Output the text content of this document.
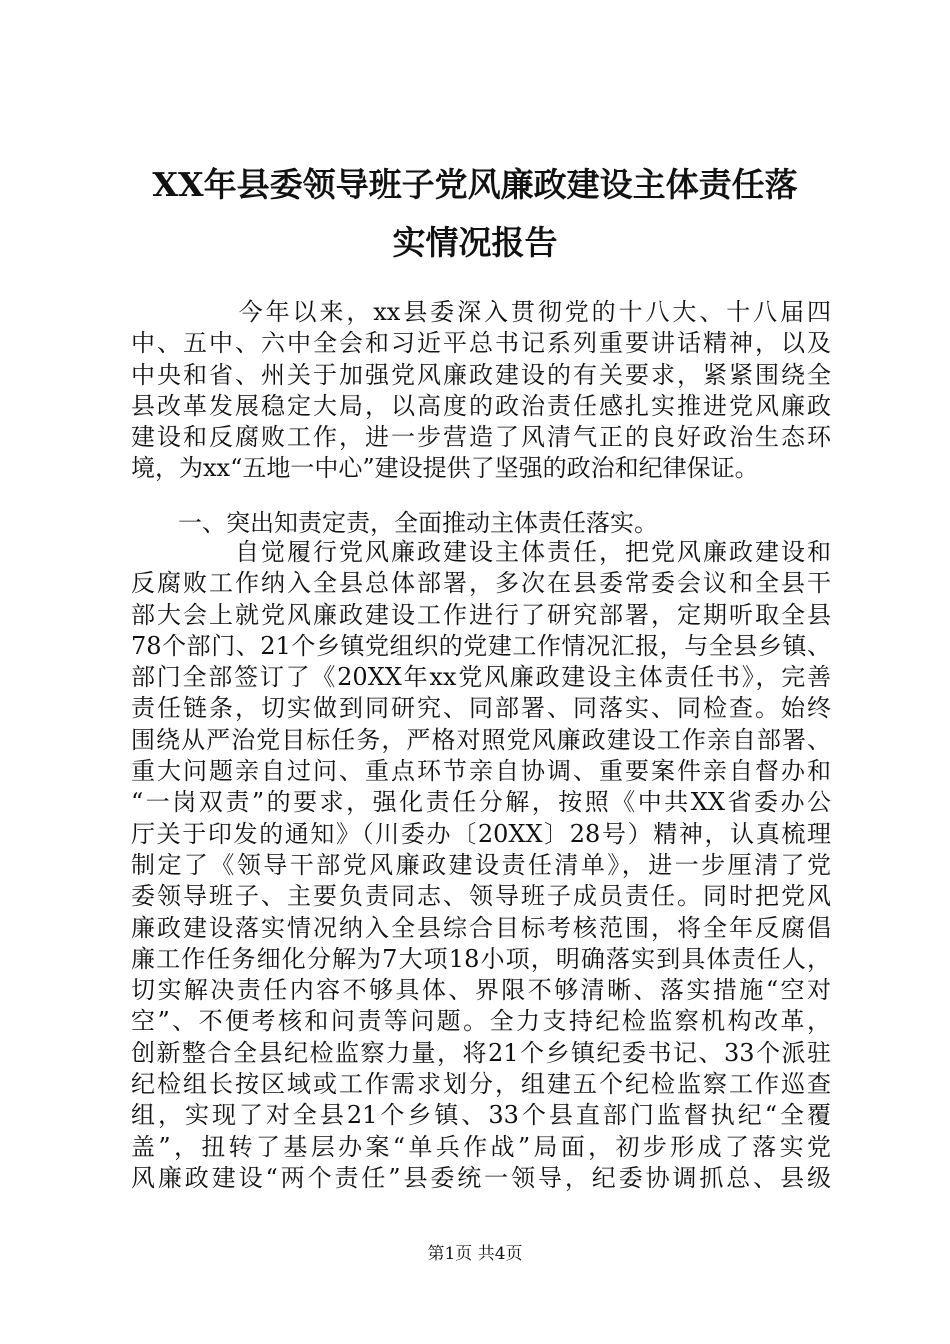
XX年县委领导班子党风廉政建设主体责任落
实情况报告
　　　　今年以来，xx县委深入贯彻党的十八大、十八届四
中、五中、六中全会和习近平总书记系列重要讲话精神，以及
中央和省、州关于加强党风廉政建设的有关要求，紧紧围绕全
县改革发展稳定大局，以高度的政治责任感扎实推进党风廉政
建设和反腐败工作，进一步营造了风清气正的良好政治生态环
境，为xx“五地一中心”建设提供了坚强的政治和纪律保证。
一、突出知责定责，全面推动主体责任落实。
　　　　自觉履行党风廉政建设主体责任，把党风廉政建设和
反腐败工作纳入全县总体部署，多次在县委常委会议和全县干
部大会上就党风廉政建设工作进行了研究部署，定期听取全县
78个部门、21个乡镇党组织的党建工作情况汇报，与全县乡镇、
部门全部签订了《20XX年xx党风廉政建设主体责任书》，完善
责任链条，切实做到同研究、同部署、同落实、同检查。始终
围绕从严治党目标任务，严格对照党风廉政建设工作亲自部署、
重大问题亲自过问、重点环节亲自协调、重要案件亲自督办和
“一岗双责”的要求，强化责任分解，按照《中共XX省委办公
厅关于印发的通知》（川委办〔20XX〕28号）精神，认真梳理
制定了《领导干部党风廉政建设责任清单》，进一步厘清了党
委领导班子、主要负责同志、领导班子成员责任。同时把党风
廉政建设落实情况纳入全县综合目标考核范围，将全年反腐倡
廉工作任务细化分解为7大项18小项，明确落实到具体责任人，
切实解决责任内容不够具体、界限不够清晰、落实措施“空对
空”、不便考核和问责等问题。全力支持纪检监察机构改革，
创新整合全县纪检监察力量，将21个乡镇纪委书记、33个派驻
纪检组长按区域或工作需求划分，组建五个纪检监察工作巡查
组，实现了对全县21个乡镇、33个县直部门监督执纪“全覆
盖”，扭转了基层办案“单兵作战”局面，初步形成了落实党
风廉政建设“两个责任”县委统一领导，纪委协调抓总、县级
第1页 共4页
